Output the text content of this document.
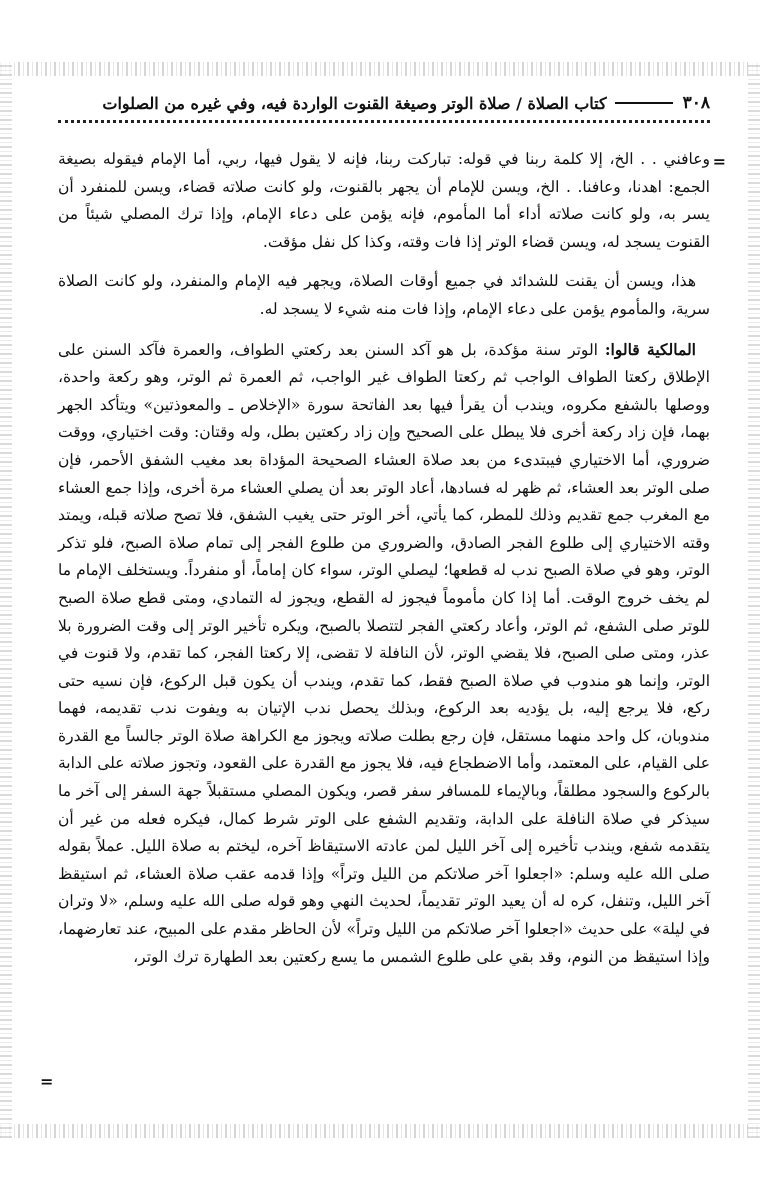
٣٠٨
كتاب الصلاة / صلاة الوتر وصيغة القنوت الواردة فيه، وفي غيره من الصلوات
=

وعافني . . الخ، إلا كلمة ربنا في قوله: تباركت ربنا، فإنه لا يقول فيها، ربي، أما الإمام فيقوله بصيغة الجمع: اهدنا، وعافنا. . الخ، ويسن للإمام أن يجهر بالقنوت، ولو كانت صلاته قضاء، ويسن للمنفرد أن يسر به، ولو كانت صلاته أداء أما المأموم، فإنه يؤمن على دعاء الإمام، وإذا ترك المصلي شيئاً من القنوت يسجد له، ويسن قضاء الوتر إذا فات وقته، وكذا كل نفل مؤقت.

هذا، ويسن أن يقنت للشدائد في جميع أوقات الصلاة، ويجهر فيه الإمام والمنفرد، ولو كانت الصلاة سرية، والمأموم يؤمن على دعاء الإمام، وإذا فات منه شيء لا يسجد له.

المالكية قالوا: الوتر سنة مؤكدة، بل هو آكد السنن بعد ركعتي الطواف، والعمرة فآكد السنن على الإطلاق ركعتا الطواف الواجب ثم ركعتا الطواف غير الواجب، ثم العمرة ثم الوتر، وهو ركعة واحدة، ووصلها بالشفع مكروه، ويندب أن يقرأ فيها بعد الفاتحة سورة «الإخلاص ـ والمعوذتين» ويتأكد الجهر بهما، فإن زاد ركعة أخرى فلا يبطل على الصحيح وإن زاد ركعتين بطل، وله وقتان: وقت اختياري، ووقت ضروري، أما الاختياري فيبتدىء من بعد صلاة العشاء الصحيحة المؤداة بعد مغيب الشفق الأحمر، فإن صلى الوتر بعد العشاء، ثم ظهر له فسادها، أعاد الوتر بعد أن يصلي العشاء مرة أخرى، وإذا جمع العشاء مع المغرب جمع تقديم وذلك للمطر، كما يأتي، أخر الوتر حتى يغيب الشفق، فلا تصح صلاته قبله، ويمتد وقته الاختياري إلى طلوع الفجر الصادق، والضروري من طلوع الفجر إلى تمام صلاة الصبح، فلو تذكر الوتر، وهو في صلاة الصبح ندب له قطعها؛ ليصلي الوتر، سواء كان إماماً، أو منفرداً. ويستخلف الإمام ما لم يخف خروج الوقت. أما إذا كان مأموماً فيجوز له القطع، ويجوز له التمادي، ومتى قطع صلاة الصبح للوتر صلى الشفع، ثم الوتر، وأعاد ركعتي الفجر لتتصلا بالصبح، ويكره تأخير الوتر إلى وقت الضرورة بلا عذر، ومتى صلى الصبح، فلا يقضي الوتر، لأن النافلة لا تقضى، إلا ركعتا الفجر، كما تقدم، ولا قنوت في الوتر، وإنما هو مندوب في صلاة الصبح فقط، كما تقدم، ويندب أن يكون قبل الركوع، فإن نسيه حتى ركع، فلا يرجع إليه، بل يؤديه بعد الركوع، وبذلك يحصل ندب الإتيان به ويفوت ندب تقديمه، فهما مندوبان، كل واحد منهما مستقل، فإن رجع بطلت صلاته ويجوز مع الكراهة صلاة الوتر جالساً مع القدرة على القيام، على المعتمد، وأما الاضطجاع فيه، فلا يجوز مع القدرة على القعود، وتجوز صلاته على الدابة بالركوع والسجود مطلقاً، وبالإيماء للمسافر سفر قصر، ويكون المصلي مستقبلاً جهة السفر إلى آخر ما سيذكر في صلاة النافلة على الدابة، وتقديم الشفع على الوتر شرط كمال، فيكره فعله من غير أن يتقدمه شفع، ويندب تأخيره إلى آخر الليل لمن عادته الاستيقاظ آخره، ليختم به صلاة الليل. عملاً بقوله صلى الله عليه وسلم: «اجعلوا آخر صلاتكم من الليل وتراً» وإذا قدمه عقب صلاة العشاء، ثم استيقظ آخر الليل، وتنفل، كره له أن يعيد الوتر تقديماً، لحديث النهي وهو قوله صلى الله عليه وسلم، «لا وتران في ليلة» على حديث «اجعلوا آخر صلاتكم من الليل وتراً» لأن الحاظر مقدم على المبيح، عند تعارضهما، وإذا استيقظ من النوم، وقد بقي على طلوع الشمس ما يسع ركعتين بعد الطهارة ترك الوتر،

=
